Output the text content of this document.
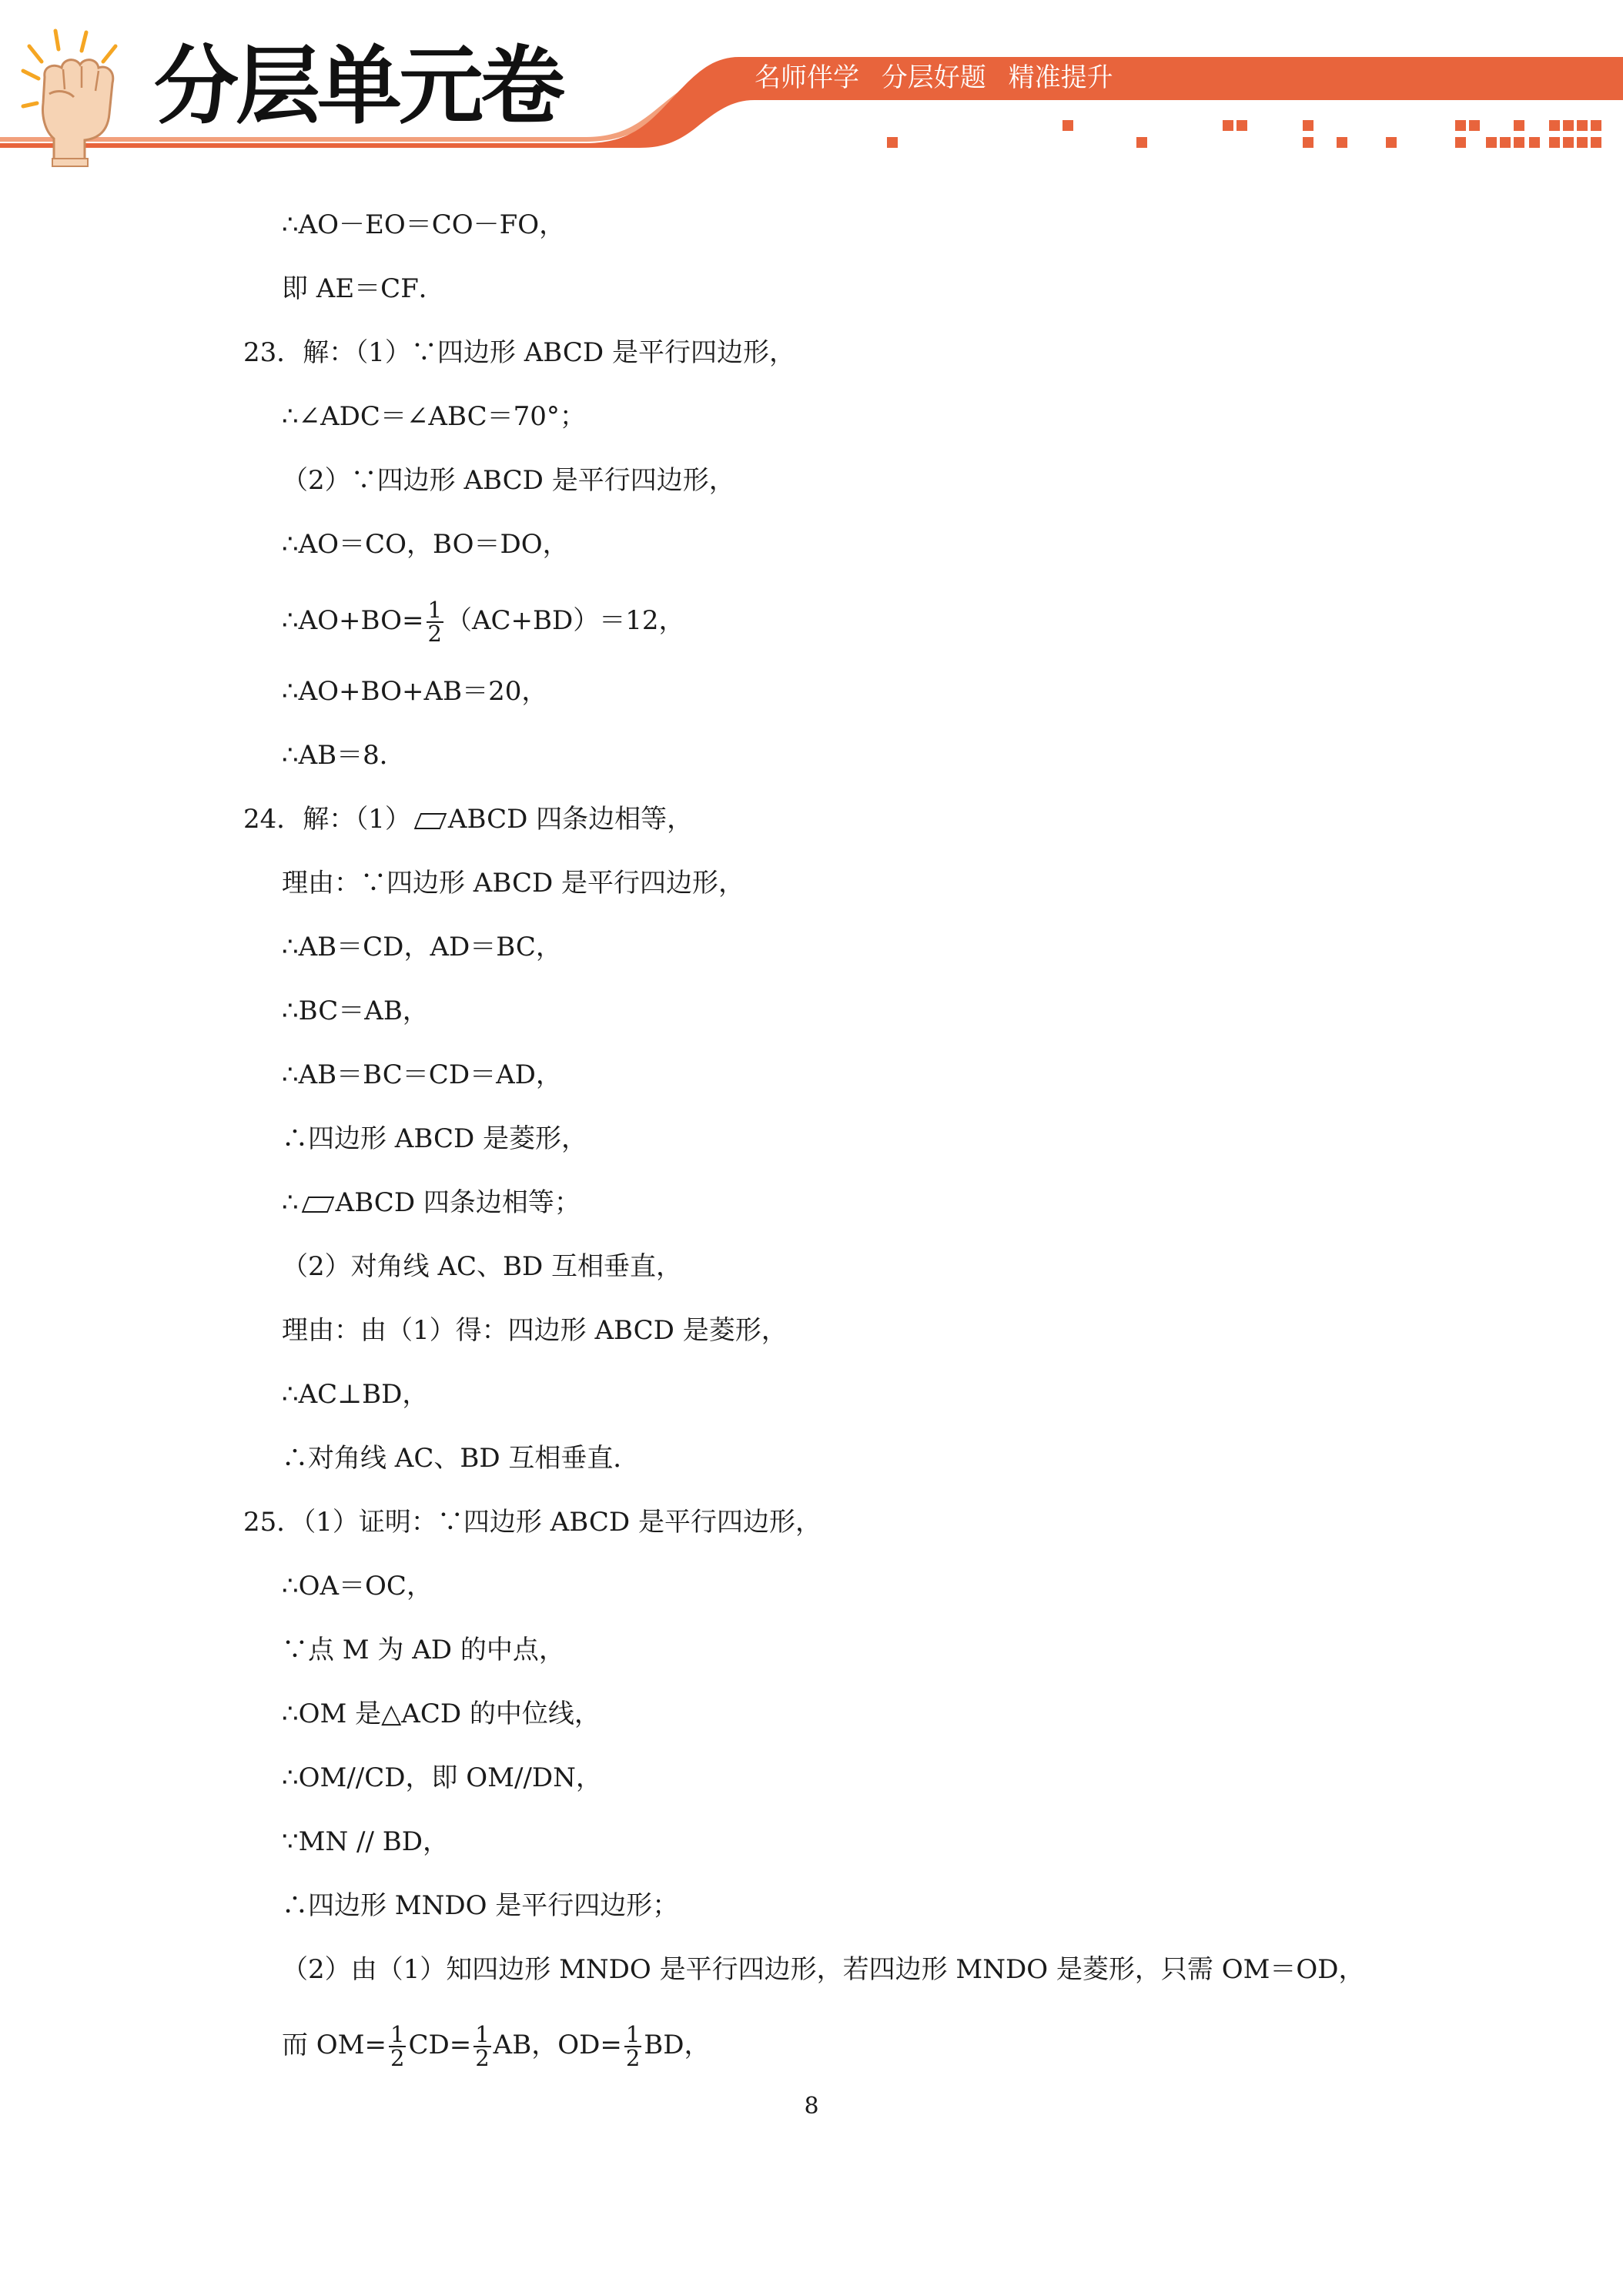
分层单元卷	名师伴学 分层好题 精准提升
∴AO－EO＝CO－FO，
即 AE＝CF．
23．解：（1）∵四边形 ABCD 是平行四边形，
∴∠ADC＝∠ABC＝70°；
（2）∵四边形 ABCD 是平行四边形，
∴AO＝CO，BO＝DO，
∴AO+BO= $\frac{1}{2} (AC+BD)=12$，
∴AO+BO+AB＝20，
∴AB＝8．
24．解：（1） ABCD 四条边相等，
理由：∵四边形 ABCD 是平行四边形，
∴AB＝CD，AD＝BC，
∴BC＝AB，
∴AB＝BC＝CD＝AD，
∴四边形 ABCD 是菱形，
∴ ABCD 四条边相等；
（2）对角线 AC、BD 互相垂直，
理由：由（1）得：四边形 ABCD 是菱形，
∴AC⊥BD，
∴对角线 AC、BD 互相垂直．
25．（1）证明：∵四边形 ABCD 是平行四边形，
∴OA＝OC，
∵点 M 为 AD 的中点，
∴OM 是△ACD 的中位线，
∴OM//CD，即 OM//DN，
∵MN // BD，
∴四边形 MNDO 是平行四边形；
（2）由（1）知四边形 MNDO 是平行四边形，若四边形 MNDO 是菱形，只需 OM＝OD，
而 $OM= \frac{1}{2} CD= \frac{1}{2}$ AB，$OD= \frac{1}{2}$ BD，
8
